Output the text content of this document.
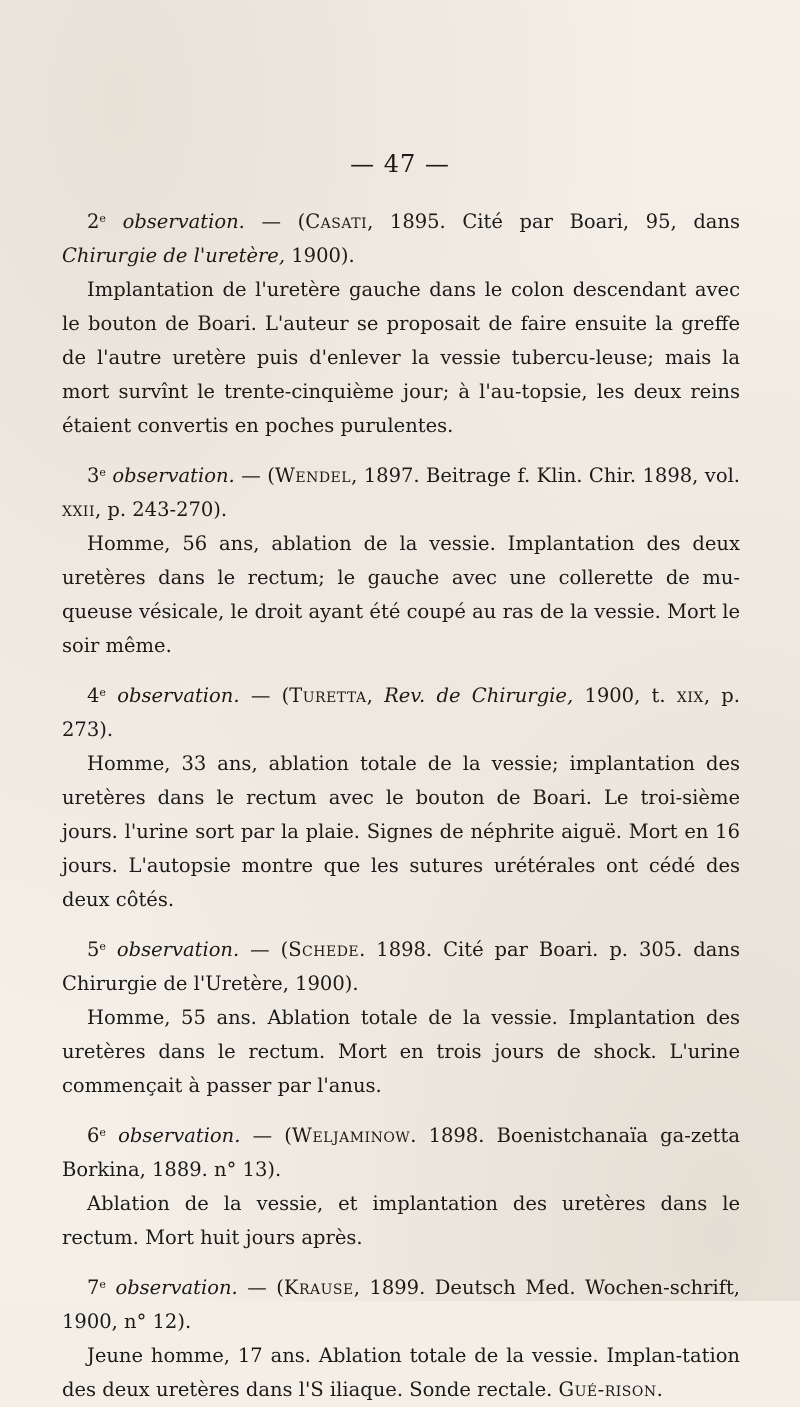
— 47 —

2e observation. — (Casati, 1895. Cité par Boari, 95, dans Chirurgie de l'uretère, 1900).

Implantation de l'uretère gauche dans le colon descendant avec le bouton de Boari. L'auteur se proposait de faire ensuite la greffe de l'autre uretère puis d'enlever la vessie tubercu-leuse; mais la mort survînt le trente-cinquième jour; à l'au-topsie, les deux reins étaient convertis en poches purulentes.

3e observation. — (Wendel, 1897. Beitrage f. Klin. Chir. 1898, vol. xxii, p. 243-270).

Homme, 56 ans, ablation de la vessie. Implantation des deux uretères dans le rectum; le gauche avec une collerette de mu-queuse vésicale, le droit ayant été coupé au ras de la vessie. Mort le soir même.

4e observation. — (Turetta, Rev. de Chirurgie, 1900, t. xix, p. 273).

Homme, 33 ans, ablation totale de la vessie; implantation des uretères dans le rectum avec le bouton de Boari. Le troi-sième jours. l'urine sort par la plaie. Signes de néphrite aiguë. Mort en 16 jours. L'autopsie montre que les sutures urétérales ont cédé des deux côtés.

5e observation. — (Schede. 1898. Cité par Boari. p. 305. dans Chirurgie de l'Uretère, 1900).

Homme, 55 ans. Ablation totale de la vessie. Implantation des uretères dans le rectum. Mort en trois jours de shock. L'urine commençait à passer par l'anus.

6e observation. — (Weljaminow. 1898. Boenistchanaïa ga-zetta Borkina, 1889. n° 13).

Ablation de la vessie, et implantation des uretères dans le rectum. Mort huit jours après.

7e observation. — (Krause, 1899. Deutsch Med. Wochen-schrift, 1900, n° 12).

Jeune homme, 17 ans. Ablation totale de la vessie. Implan-tation des deux uretères dans l'S iliaque. Sonde rectale. Gué-rison.
